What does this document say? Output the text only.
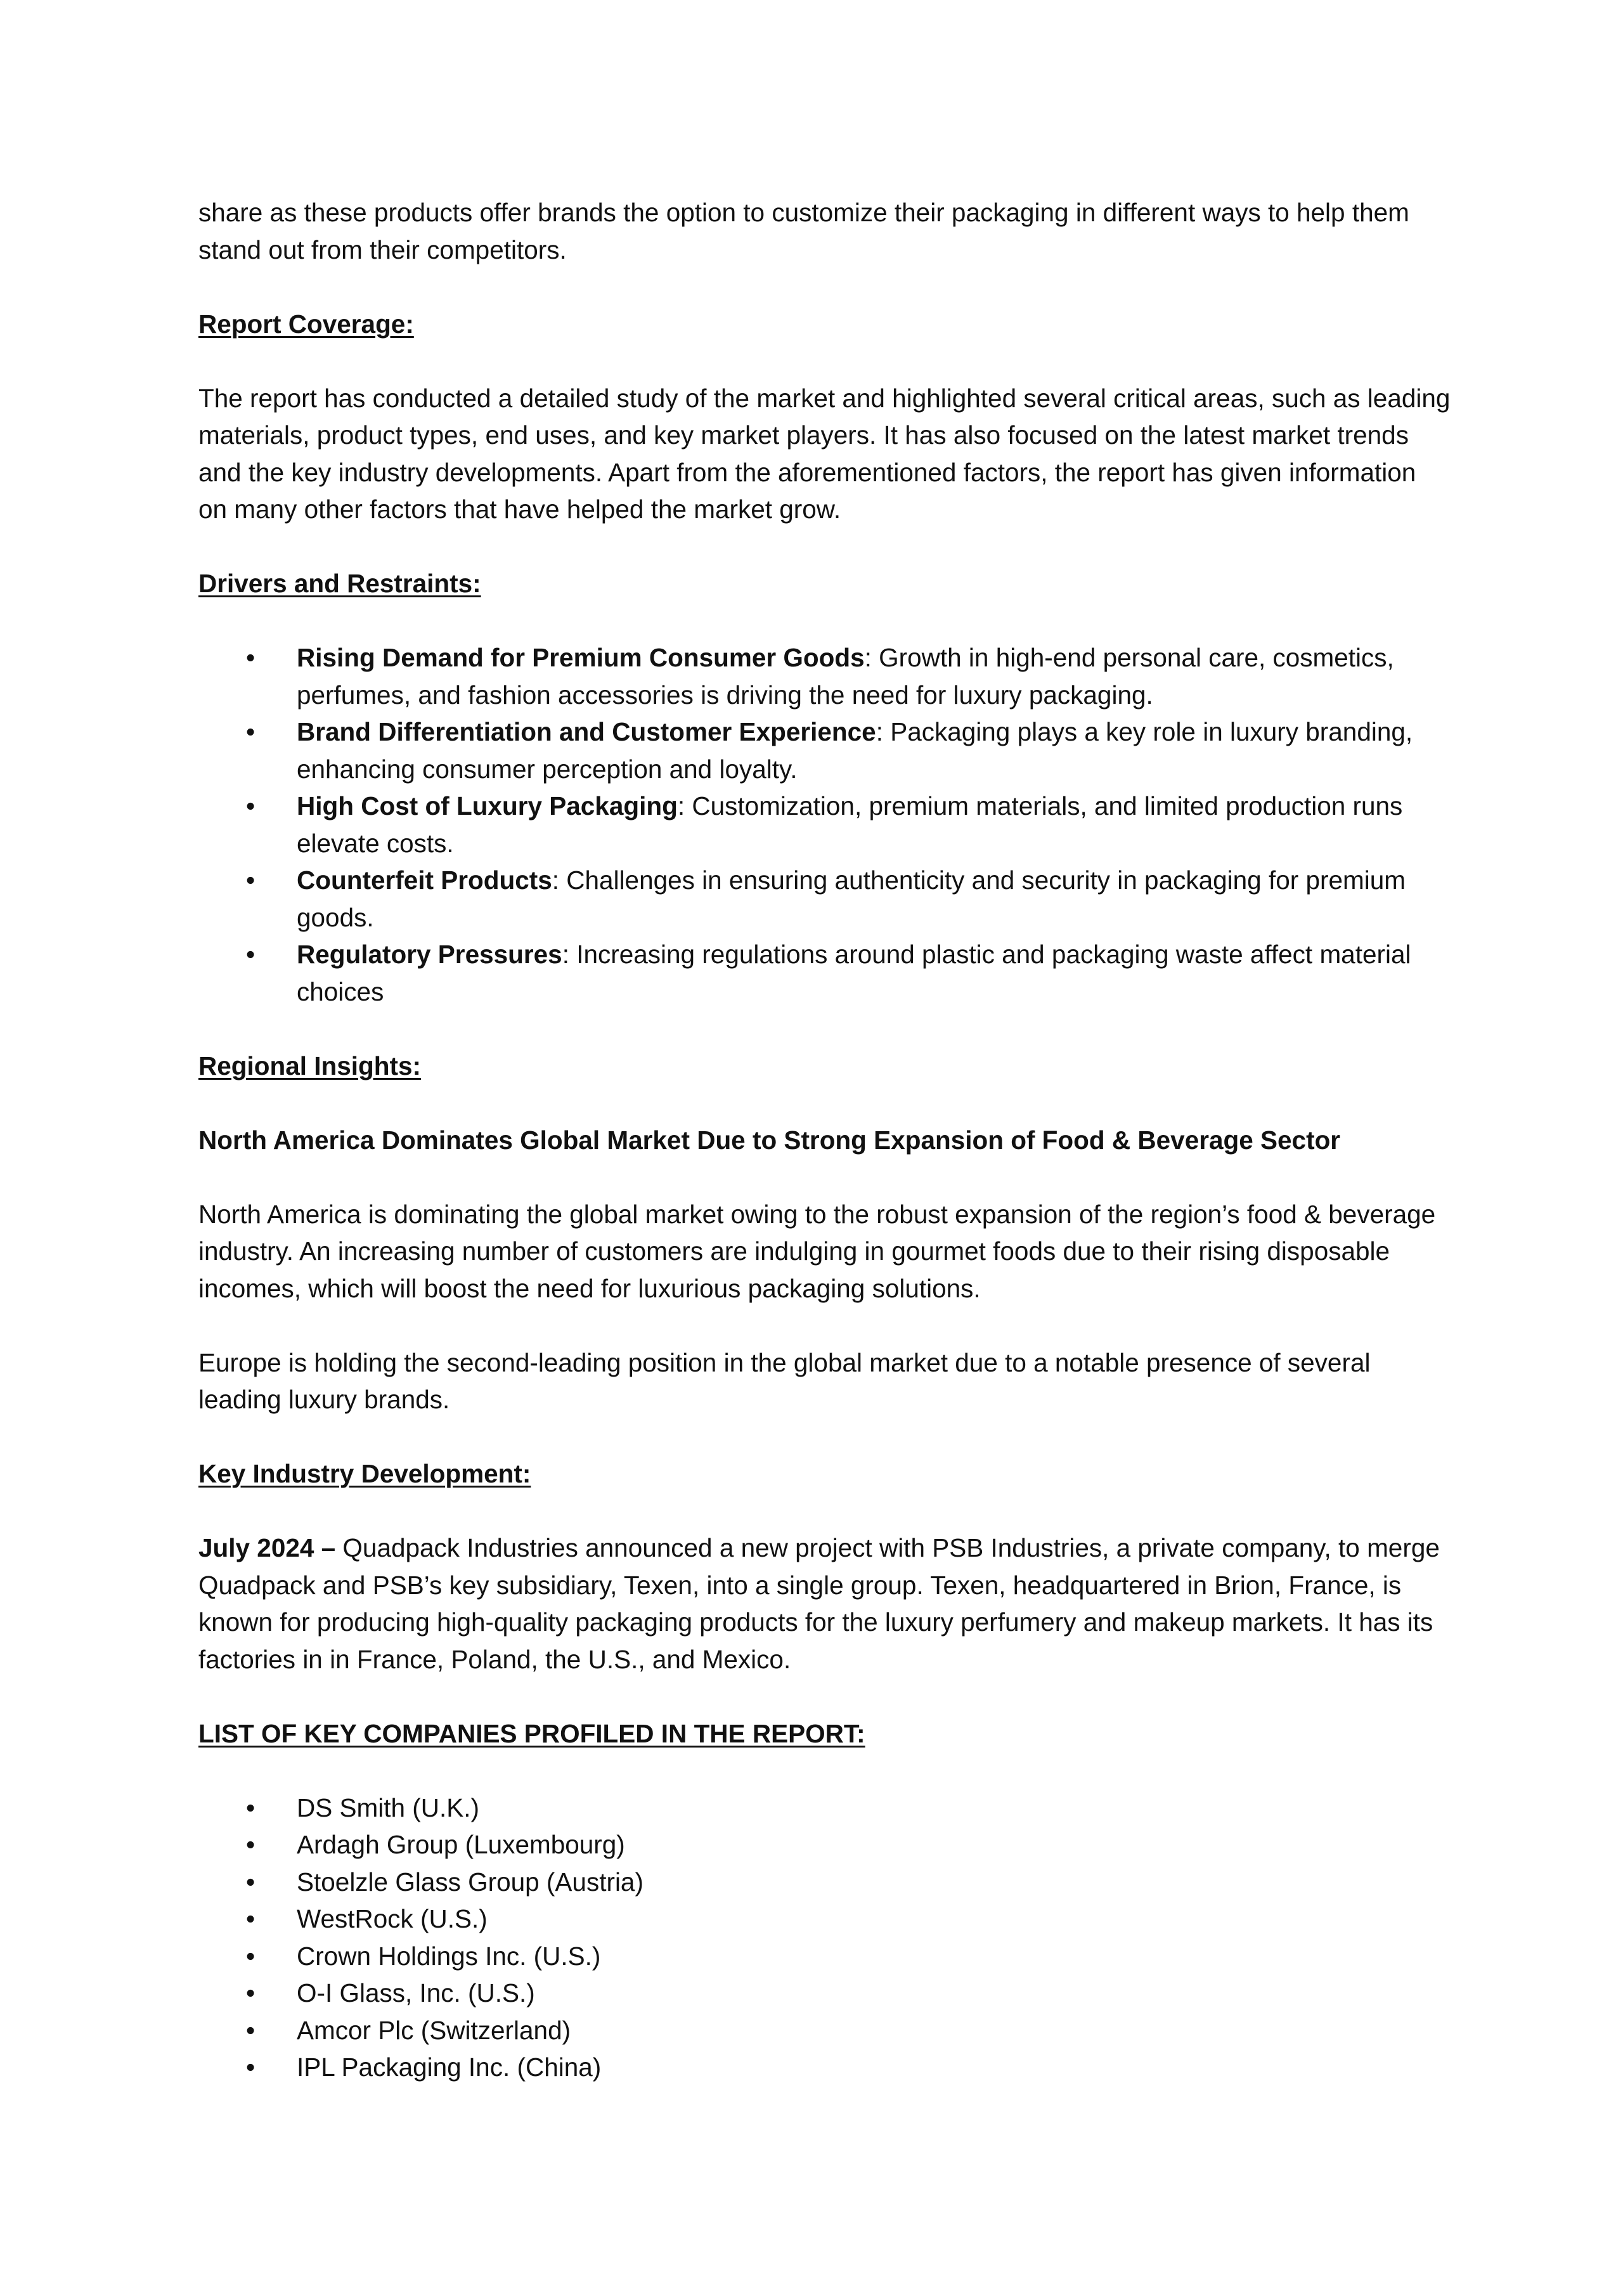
share as these products offer brands the option to customize their packaging in different ways to help them stand out from their competitors.

Report Coverage:

The report has conducted a detailed study of the market and highlighted several critical areas, such as leading materials, product types, end uses, and key market players. It has also focused on the latest market trends and the key industry developments. Apart from the aforementioned factors, the report has given information on many other factors that have helped the market grow.

Drivers and Restraints:

• Rising Demand for Premium Consumer Goods: Growth in high-end personal care, cosmetics, perfumes, and fashion accessories is driving the need for luxury packaging.
• Brand Differentiation and Customer Experience: Packaging plays a key role in luxury branding, enhancing consumer perception and loyalty.
• High Cost of Luxury Packaging: Customization, premium materials, and limited production runs elevate costs.
• Counterfeit Products: Challenges in ensuring authenticity and security in packaging for premium goods.
• Regulatory Pressures: Increasing regulations around plastic and packaging waste affect material choices

Regional Insights:

North America Dominates Global Market Due to Strong Expansion of Food & Beverage Sector

North America is dominating the global market owing to the robust expansion of the region’s food & beverage industry. An increasing number of customers are indulging in gourmet foods due to their rising disposable incomes, which will boost the need for luxurious packaging solutions.

Europe is holding the second-leading position in the global market due to a notable presence of several leading luxury brands.

Key Industry Development:

July 2024 – Quadpack Industries announced a new project with PSB Industries, a private company, to merge Quadpack and PSB’s key subsidiary, Texen, into a single group. Texen, headquartered in Brion, France, is known for producing high-quality packaging products for the luxury perfumery and makeup markets. It has its factories in in France, Poland, the U.S., and Mexico.

LIST OF KEY COMPANIES PROFILED IN THE REPORT:

• DS Smith (U.K.)
• Ardagh Group (Luxembourg)
• Stoelzle Glass Group (Austria)
• WestRock (U.S.)
• Crown Holdings Inc. (U.S.)
• O-I Glass, Inc. (U.S.)
• Amcor Plc (Switzerland)
• IPL Packaging Inc. (China)
